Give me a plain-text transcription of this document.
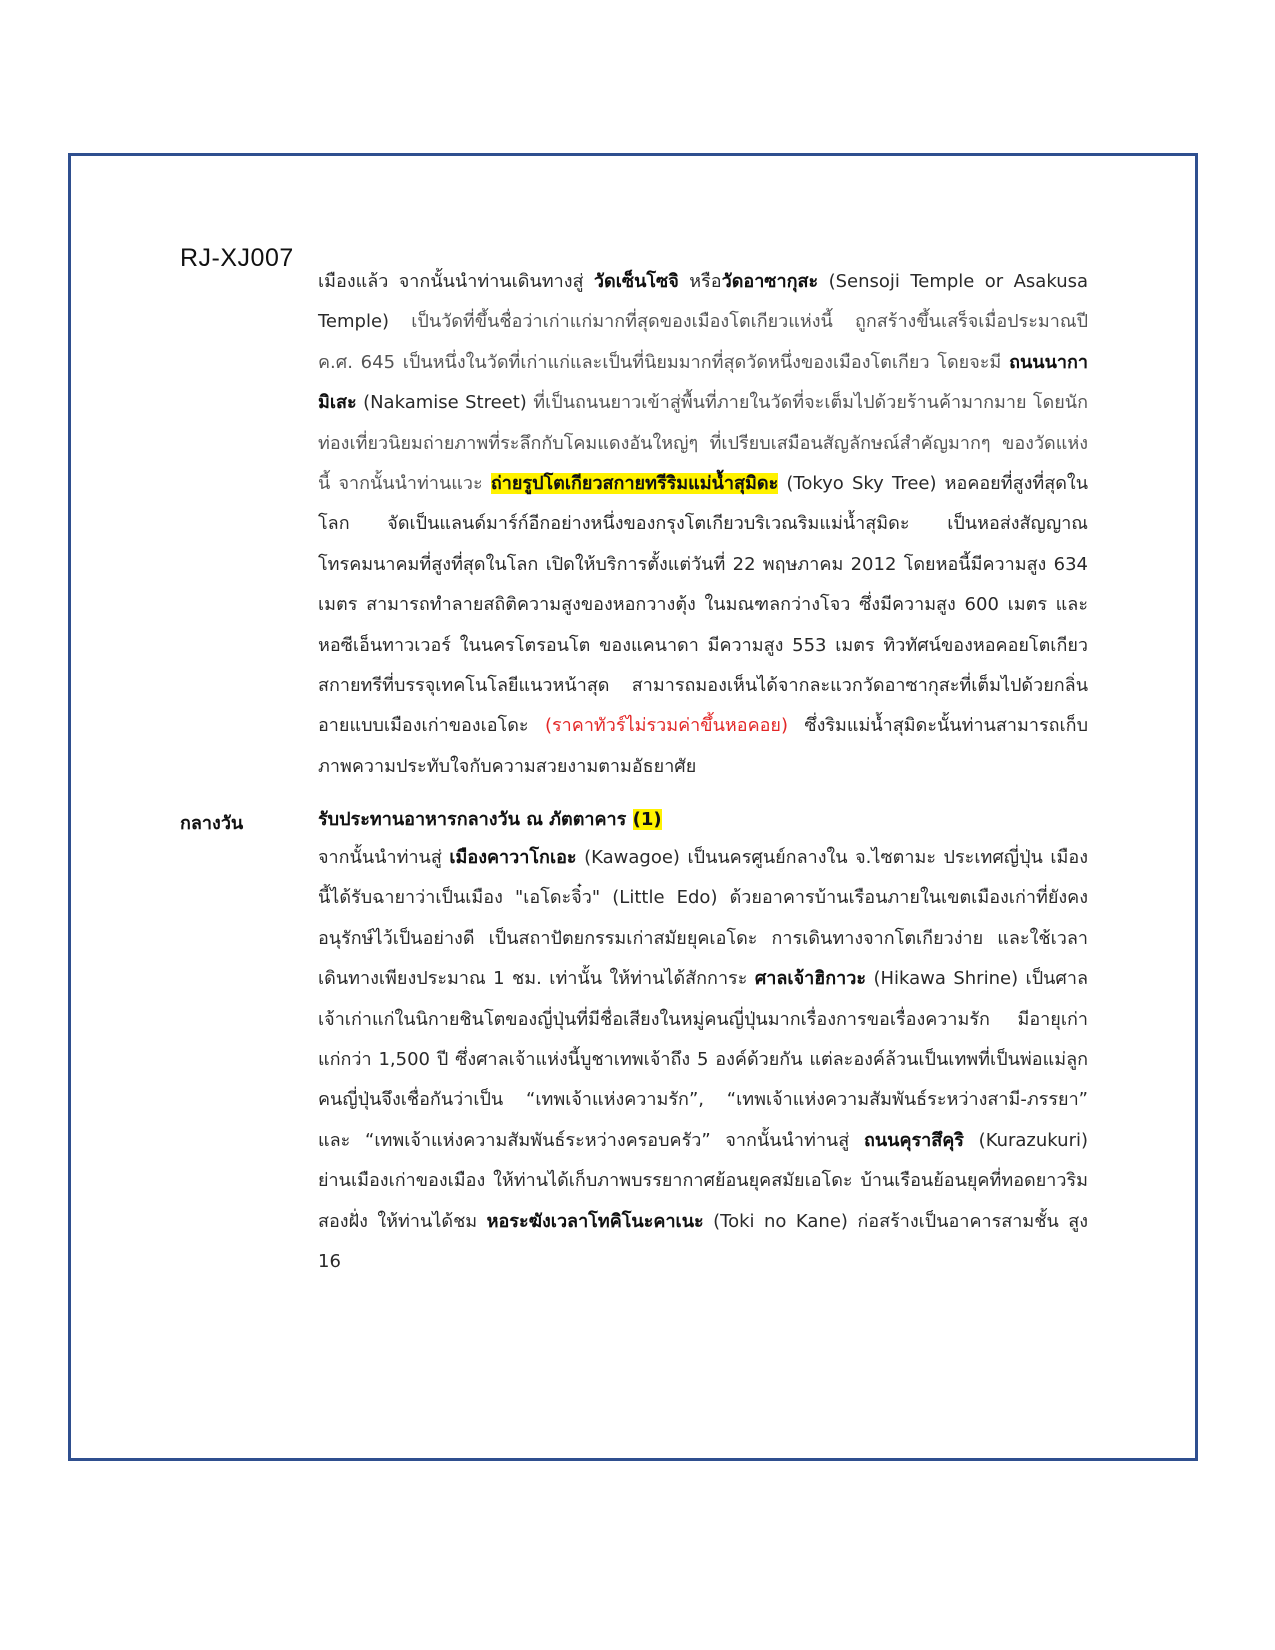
RJ-XJ007
เมืองแล้ว จากนั้นนำท่านเดินทางสู่ วัดเซ็นโซจิ หรือวัดอาซากุสะ (Sensoji Temple or Asakusa Temple) เป็นวัดที่ขึ้นชื่อว่าเก่าแก่มากที่สุดของเมืองโตเกียวแห่งนี้ ถูกสร้างขึ้นเสร็จเมื่อประมาณปี ค.ศ. 645 เป็นหนึ่งในวัดที่เก่าแก่และเป็นที่นิยมมากที่สุดวัดหนึ่งของเมืองโตเกียว โดยจะมี ถนนนากามิเสะ (Nakamise Street) ที่เป็นถนนยาวเข้าสู่พื้นที่ภายในวัดที่จะเต็มไปด้วยร้านค้ามากมาย โดยนักท่องเที่ยวนิยมถ่ายภาพที่ระลึกกับโคมแดงอันใหญ่ๆ ที่เปรียบเสมือนสัญลักษณ์สำคัญมากๆ ของวัดแห่งนี้ จากนั้นนำท่านแวะ ถ่ายรูปโตเกียวสกายทรีริมแม่น้ำสุมิดะ (Tokyo Sky Tree) หอคอยที่สูงที่สุดในโลก จัดเป็นแลนด์มาร์ก์อีกอย่างหนึ่งของกรุงโตเกียวบริเวณริมแม่น้ำสุมิดะ เป็นหอส่งสัญญาณโทรคมนาคมที่สูงที่สุดในโลก เปิดให้บริการตั้งแต่วันที่ 22 พฤษภาคม 2012 โดยหอนี้มีความสูง 634 เมตร สามารถทำลายสถิติความสูงของหอกวางตุ้ง ในมณฑลกว่างโจว ซึ่งมีความสูง 600 เมตร และหอซีเอ็นทาวเวอร์ ในนครโตรอนโต ของแคนาดา มีความสูง 553 เมตร ทิวทัศน์ของหอคอยโตเกียวสกายทรีที่บรรจุเทคโนโลยีแนวหน้าสุด สามารถมองเห็นได้จากละแวกวัดอาซากุสะที่เต็มไปด้วยกลิ่นอายแบบเมืองเก่าของเอโดะ (ราคาทัวร์ไม่รวมค่าขึ้นหอคอย) ซึ่งริมแม่น้ำสุมิดะนั้นท่านสามารถเก็บภาพความประทับใจกับความสวยงามตามอัธยาศัย
กลางวัน	รับประทานอาหารกลางวัน ณ ภัตตาคาร (1)
จากนั้นนำท่านสู่ เมืองคาวาโกเอะ (Kawagoe) เป็นนครศูนย์กลางใน จ.ไซตามะ ประเทศญี่ปุ่น เมืองนี้ได้รับฉายาว่าเป็นเมือง "เอโดะจิ๋ว" (Little Edo) ด้วยอาคารบ้านเรือนภายในเขตเมืองเก่าที่ยังคงอนุรักษ์ไว้เป็นอย่างดี เป็นสถาปัตยกรรมเก่าสมัยยุคเอโดะ การเดินทางจากโตเกียวง่าย และใช้เวลาเดินทางเพียงประมาณ 1 ชม. เท่านั้น ให้ท่านได้สักการะ ศาลเจ้าฮิกาวะ (Hikawa Shrine) เป็นศาลเจ้าเก่าแก่ในนิกายชินโตของญี่ปุ่นที่มีชื่อเสียงในหมู่คนญี่ปุ่นมากเรื่องการขอเรื่องความรัก มีอายุเก่าแก่กว่า 1,500 ปี ซึ่งศาลเจ้าแห่งนี้บูชาเทพเจ้าถึง 5 องค์ด้วยกัน แต่ละองค์ล้วนเป็นเทพที่เป็นพ่อแม่ลูก คนญี่ปุ่นจึงเชื่อกันว่าเป็น “เทพเจ้าแห่งความรัก”, “เทพเจ้าแห่งความสัมพันธ์ระหว่างสามี-ภรรยา” และ “เทพเจ้าแห่งความสัมพันธ์ระหว่างครอบครัว” จากนั้นนำท่านสู่ ถนนคุราสึคุริ (Kurazukuri) ย่านเมืองเก่าของเมือง ให้ท่านได้เก็บภาพบรรยากาศย้อนยุคสมัยเอโดะ บ้านเรือนย้อนยุคที่ทอดยาวริมสองฝั่ง ให้ท่านได้ชม หอระฆังเวลาโทคิโนะคาเนะ (Toki no Kane) ก่อสร้างเป็นอาคารสามชั้น สูง 16
